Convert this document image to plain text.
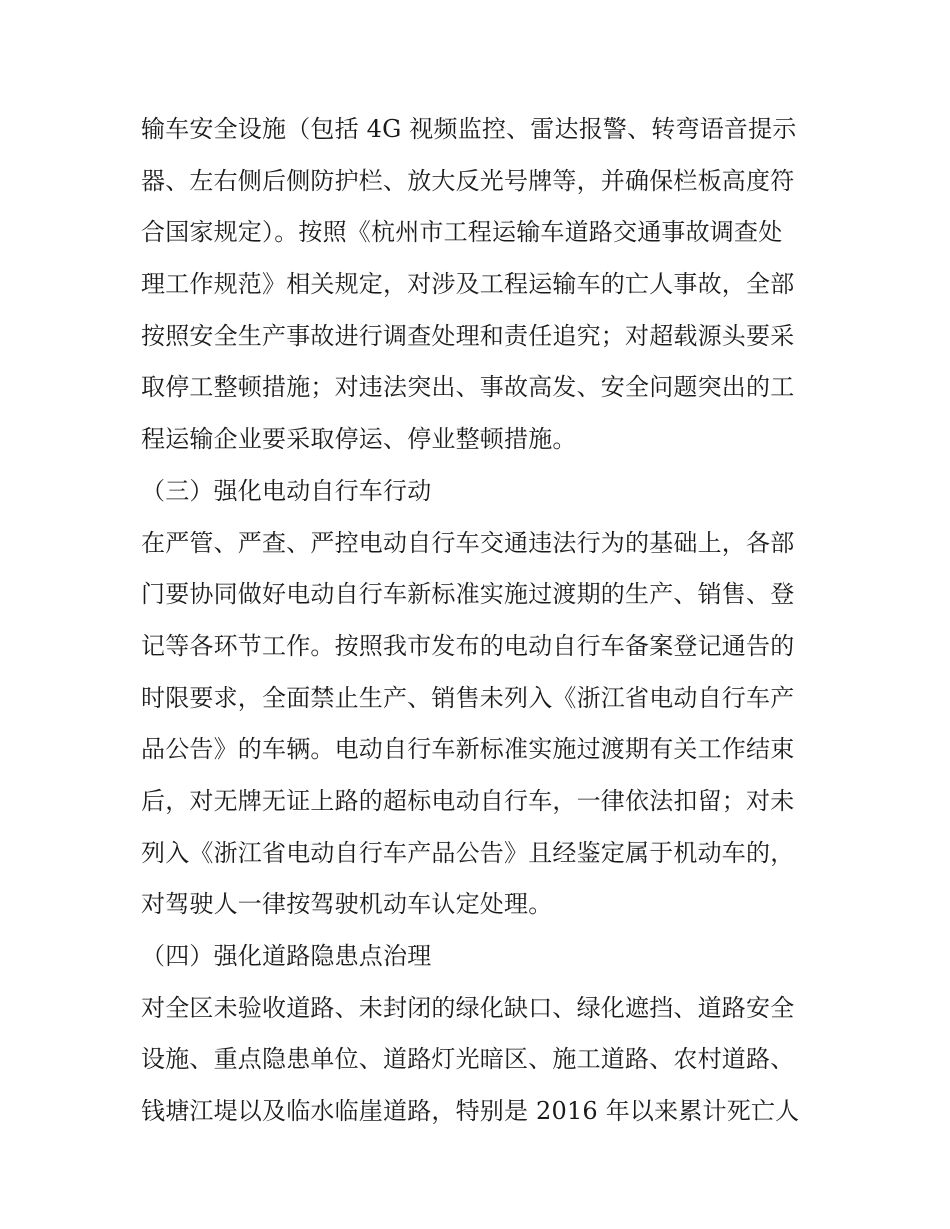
输车安全设施（包括 4G 视频监控、雷达报警、转弯语音提示
器、左右侧后侧防护栏、放大反光号牌等，并确保栏板高度符
合国家规定）。按照《杭州市工程运输车道路交通事故调查处
理工作规范》相关规定，对涉及工程运输车的亡人事故，全部
按照安全生产事故进行调查处理和责任追究；对超载源头要采
取停工整顿措施；对违法突出、事故高发、安全问题突出的工
程运输企业要采取停运、停业整顿措施。
（三）强化电动自行车行动
在严管、严查、严控电动自行车交通违法行为的基础上，各部
门要协同做好电动自行车新标准实施过渡期的生产、销售、登
记等各环节工作。按照我市发布的电动自行车备案登记通告的
时限要求，全面禁止生产、销售未列入《浙江省电动自行车产
品公告》的车辆。电动自行车新标准实施过渡期有关工作结束
后，对无牌无证上路的超标电动自行车，一律依法扣留；对未
列入《浙江省电动自行车产品公告》且经鉴定属于机动车的，
对驾驶人一律按驾驶机动车认定处理。
（四）强化道路隐患点治理
对全区未验收道路、未封闭的绿化缺口、绿化遮挡、道路安全
设施、重点隐患单位、道路灯光暗区、施工道路、农村道路、
钱塘江堤以及临水临崖道路，特别是 2016 年以来累计死亡人
